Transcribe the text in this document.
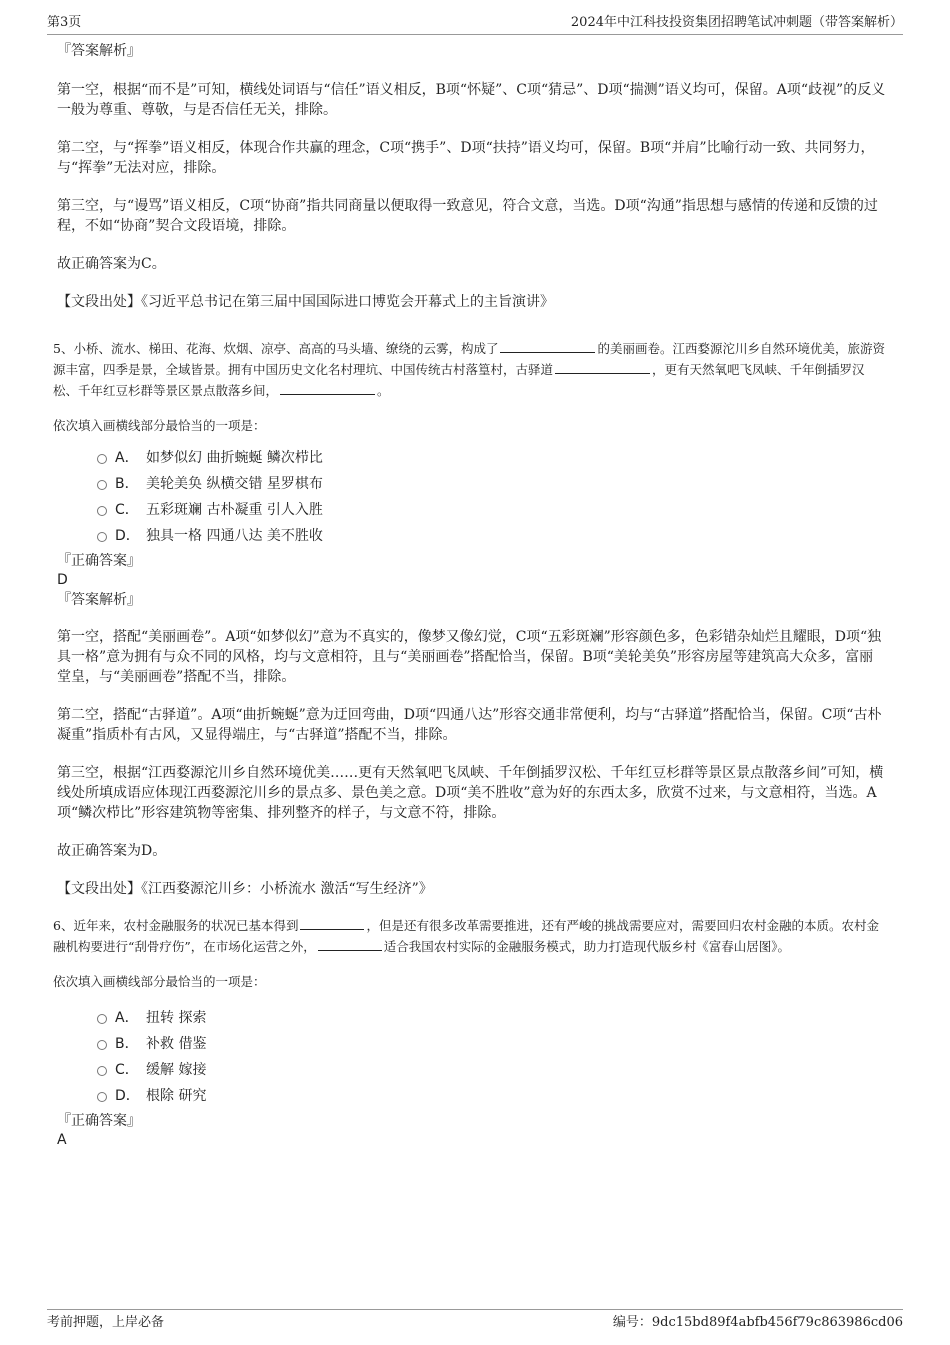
第3页	2024年中江科技投资集团招聘笔试冲刺题（带答案解析）

『答案解析』

第一空，根据“而不是”可知，横线处词语与“信任”语义相反，B项“怀疑”、C项“猜忌”、D项“揣测”语义均可，保留。A项“歧视”的反义一般为尊重、尊敬，与是否信任无关，排除。

第二空，与“挥拳”语义相反，体现合作共赢的理念，C项“携手”、D项“扶持”语义均可，保留。B项“并肩”比喻行动一致、共同努力，与“挥拳”无法对应，排除。

第三空，与“谩骂”语义相反，C项“协商”指共同商量以便取得一致意见，符合文意，当选。D项“沟通”指思想与感情的传递和反馈的过程，不如“协商”契合文段语境，排除。

故正确答案为C。

【文段出处】《习近平总书记在第三届中国国际进口博览会开幕式上的主旨演讲》

5、小桥、流水、梯田、花海、炊烟、凉亭、高高的马头墙、缭绕的云雾，构成了	的美丽画卷。江西婺源沱川乡自然环境优美，旅游资源丰富，四季是景，全域皆景。拥有中国历史文化名村理坑、中国传统古村落篁村，古驿道	，更有天然氧吧飞凤峡、千年倒插罗汉松、千年红豆杉群等景区景点散落乡间，	。

依次填入画横线部分最恰当的一项是：

A． 如梦似幻 曲折蜿蜒 鳞次栉比
B． 美轮美奂 纵横交错 星罗棋布
C． 五彩斑斓 古朴凝重 引人入胜
D． 独具一格 四通八达 美不胜收

『正确答案』

D

『答案解析』

第一空，搭配“美丽画卷”。A项“如梦似幻”意为不真实的，像梦又像幻觉，C项“五彩斑斓”形容颜色多，色彩错杂灿烂且耀眼，D项“独具一格”意为拥有与众不同的风格，均与文意相符，且与“美丽画卷”搭配恰当，保留。B项“美轮美奂”形容房屋等建筑高大众多，富丽堂皇，与“美丽画卷”搭配不当，排除。

第二空，搭配“古驿道”。A项“曲折蜿蜒”意为迂回弯曲，D项“四通八达”形容交通非常便利，均与“古驿道”搭配恰当，保留。C项“古朴凝重”指质朴有古风，又显得端庄，与“古驿道”搭配不当，排除。

第三空，根据“江西婺源沱川乡自然环境优美……更有天然氧吧飞凤峡、千年倒插罗汉松、千年红豆杉群等景区景点散落乡间”可知，横线处所填成语应体现江西婺源沱川乡的景点多、景色美之意。D项“美不胜收”意为好的东西太多，欣赏不过来，与文意相符，当选。A项“鳞次栉比”形容建筑物等密集、排列整齐的样子，与文意不符，排除。

故正确答案为D。

【文段出处】《江西婺源沱川乡：小桥流水 激活“写生经济”》

6、近年来，农村金融服务的状况已基本得到	，但是还有很多改革需要推进，还有严峻的挑战需要应对，需要回归农村金融的本质。农村金融机构要进行“刮骨疗伤”，在市场化运营之外，	适合我国农村实际的金融服务模式，助力打造现代版乡村《富春山居图》。

依次填入画横线部分最恰当的一项是：

A． 扭转 探索
B． 补救 借鉴
C． 缓解 嫁接
D． 根除 研究

『正确答案』

A

考前押题，上岸必备	编号：9dc15bd89f4abfb456f79c863986cd06
